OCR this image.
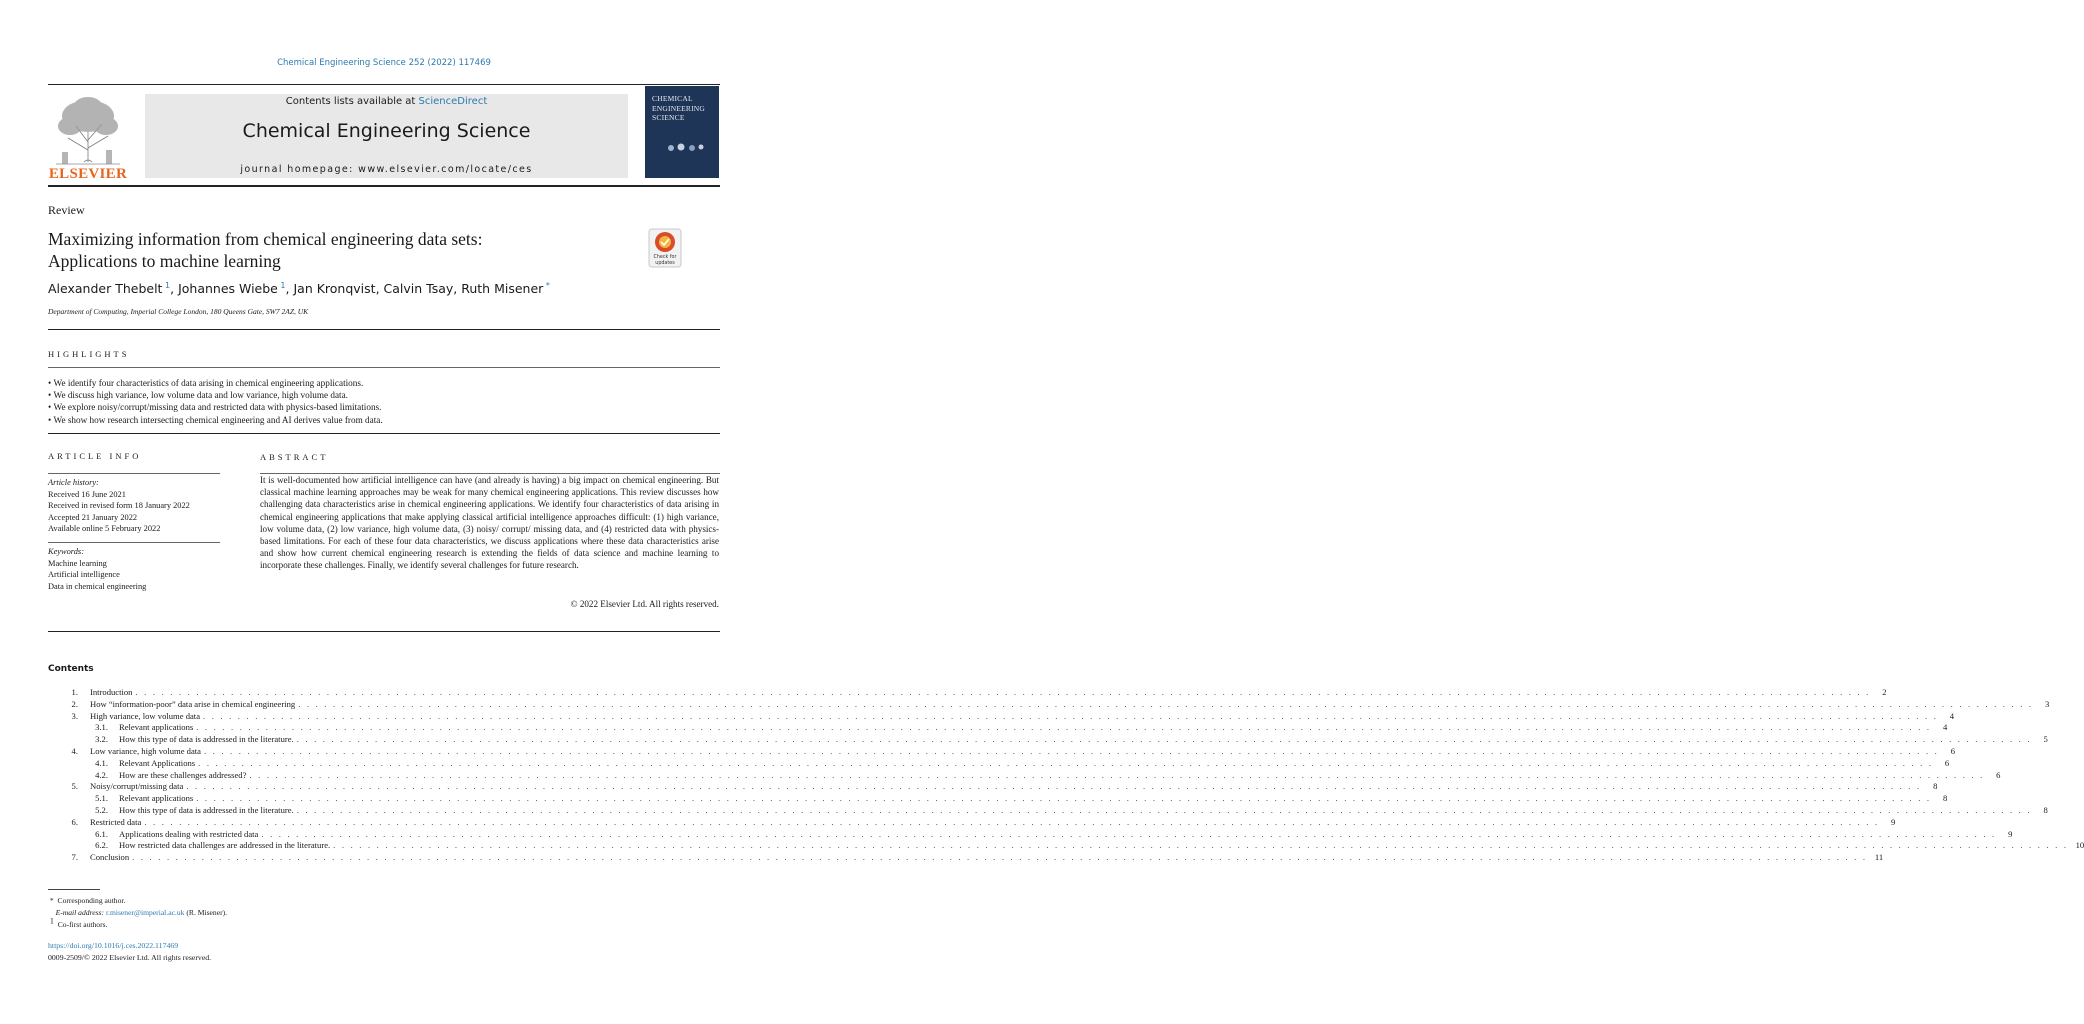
Chemical Engineering Science 252 (2022) 117469
ELSEVIER
Contents lists available at ScienceDirect
Chemical Engineering Science
journal homepage: www.elsevier.com/locate/ces
CHEMICAL
ENGINEERING
SCIENCE
Review
Maximizing information from chemical engineering data sets:
Applications to machine learning	Check for updates
Alexander Thebelt $^1$, Johannes Wiebe $^1$, Jan Kronqvist, Calvin Tsay, Ruth Misener *
Department of Computing, Imperial College London, 180 Queens Gate, SW7 2AZ, UK
HIGHLIGHTS
• We identify four characteristics of data arising in chemical engineering applications.
• We discuss high variance, low volume data and low variance, high volume data.
• We explore noisy/corrupt/missing data and restricted data with physics-based limitations.
• We show how research intersecting chemical engineering and AI derives value from data.
ARTICLE INFO
Article history:
Received 16 June 2021
Received in revised form 18 January 2022
Accepted 21 January 2022
Available online 5 February 2022
Keywords:
Machine learning
Artificial intelligence
Data in chemical engineering
ABSTRACT
It is well-documented how artificial intelligence can have (and already is having) a big impact on chemical engineering. But classical machine learning approaches may be weak for many chemical engineering applications. This review discusses how challenging data characteristics arise in chemical engineering applications. We identify four characteristics of data arising in chemical engineering applications that make applying classical artificial intelligence approaches difficult: (1) high variance, low volume data, (2) low variance, high volume data, (3) noisy/ corrupt/ missing data, and (4) restricted data with physics-based limitations. For each of these four data characteristics, we discuss applications where these data characteristics arise and show how current chemical engineering research is extending the fields of data science and machine learning to incorporate these challenges. Finally, we identify several challenges for future research.
© 2022 Elsevier Ltd. All rights reserved.
Contents
1.	Introduction . . . . . . . . . . . . . . . . . . . . . . . . . . . . . . . . . . . . . . . . . . . . . . . . . . . . . . . . . . . . . . . . . . . . . . . . . . . . . . . . . . . . . . . . . . . . . . . . . . . . . . . . . . . . . . . . . . . . . . . . . . . . . . . . . . . . . . . . . . . . . . . . . . . . . . . . . . . . . . . . . . . . . . . . . . . . . . . . . . . . . . . . . . . . . . . . . . . . . . . .	2
2.	How “information-poor” data arise in chemical engineering . . . . . . . . . . . . . . . . . . . . . . . . . . . . . . . . . . . . . . . . . . . . . . . . . . . . . . . . . . . . . . . . . . . . . . . . . . . . . . . . . . . . . . . . . . . . . . . . . . . . . . . . . . . . . . . . . . . . . . . . . . . . . . . . . . . . . . . . . . . . . . . . . . . . . . . . . . . . . . . . . . . . . . . . . . . . . . . . . . . . . . . . . . . . . . . . . . . . . . . .	3
3.	High variance, low volume data . . . . . . . . . . . . . . . . . . . . . . . . . . . . . . . . . . . . . . . . . . . . . . . . . . . . . . . . . . . . . . . . . . . . . . . . . . . . . . . . . . . . . . . . . . . . . . . . . . . . . . . . . . . . . . . . . . . . . . . . . . . . . . . . . . . . . . . . . . . . . . . . . . . . . . . . . . . . . . . . . . . . . . . . . . . . . . . . . . . . . . . . . . . . . . . . . . . . . . . .	4
3.1.	Relevant applications . . . . . . . . . . . . . . . . . . . . . . . . . . . . . . . . . . . . . . . . . . . . . . . . . . . . . . . . . . . . . . . . . . . . . . . . . . . . . . . . . . . . . . . . . . . . . . . . . . . . . . . . . . . . . . . . . . . . . . . . . . . . . . . . . . . . . . . . . . . . . . . . . . . . . . . . . . . . . . . . . . . . . . . . . . . . . . . . . . . . . . . . . . . . . . . . . . . . . . . .	4
3.2.	How this type of data is addressed in the literature. . . . . . . . . . . . . . . . . . . . . . . . . . . . . . . . . . . . . . . . . . . . . . . . . . . . . . . . . . . . . . . . . . . . . . . . . . . . . . . . . . . . . . . . . . . . . . . . . . . . . . . . . . . . . . . . . . . . . . . . . . . . . . . . . . . . . . . . . . . . . . . . . . . . . . . . . . . . . . . . . . . . . . . . . . . . . . . . . . . . . . . . . . . . . . . . . . . . . . . . .	5
4.	Low variance, high volume data . . . . . . . . . . . . . . . . . . . . . . . . . . . . . . . . . . . . . . . . . . . . . . . . . . . . . . . . . . . . . . . . . . . . . . . . . . . . . . . . . . . . . . . . . . . . . . . . . . . . . . . . . . . . . . . . . . . . . . . . . . . . . . . . . . . . . . . . . . . . . . . . . . . . . . . . . . . . . . . . . . . . . . . . . . . . . . . . . . . . . . . . . . . . . . . . . . . . . . . .	6
4.1.	Relevant Applications . . . . . . . . . . . . . . . . . . . . . . . . . . . . . . . . . . . . . . . . . . . . . . . . . . . . . . . . . . . . . . . . . . . . . . . . . . . . . . . . . . . . . . . . . . . . . . . . . . . . . . . . . . . . . . . . . . . . . . . . . . . . . . . . . . . . . . . . . . . . . . . . . . . . . . . . . . . . . . . . . . . . . . . . . . . . . . . . . . . . . . . . . . . . . . . . . . . . . . . .	6
4.2.	How are these challenges addressed? . . . . . . . . . . . . . . . . . . . . . . . . . . . . . . . . . . . . . . . . . . . . . . . . . . . . . . . . . . . . . . . . . . . . . . . . . . . . . . . . . . . . . . . . . . . . . . . . . . . . . . . . . . . . . . . . . . . . . . . . . . . . . . . . . . . . . . . . . . . . . . . . . . . . . . . . . . . . . . . . . . . . . . . . . . . . . . . . . . . . . . . . . . . . . . . . . . . . . . . .	6
5.	Noisy/corrupt/missing data . . . . . . . . . . . . . . . . . . . . . . . . . . . . . . . . . . . . . . . . . . . . . . . . . . . . . . . . . . . . . . . . . . . . . . . . . . . . . . . . . . . . . . . . . . . . . . . . . . . . . . . . . . . . . . . . . . . . . . . . . . . . . . . . . . . . . . . . . . . . . . . . . . . . . . . . . . . . . . . . . . . . . . . . . . . . . . . . . . . . . . . . . . . . . . . . . . . . . . . .	8
5.1.	Relevant applications . . . . . . . . . . . . . . . . . . . . . . . . . . . . . . . . . . . . . . . . . . . . . . . . . . . . . . . . . . . . . . . . . . . . . . . . . . . . . . . . . . . . . . . . . . . . . . . . . . . . . . . . . . . . . . . . . . . . . . . . . . . . . . . . . . . . . . . . . . . . . . . . . . . . . . . . . . . . . . . . . . . . . . . . . . . . . . . . . . . . . . . . . . . . . . . . . . . . . . . .	8
5.2.	How this type of data is addressed in the literature. . . . . . . . . . . . . . . . . . . . . . . . . . . . . . . . . . . . . . . . . . . . . . . . . . . . . . . . . . . . . . . . . . . . . . . . . . . . . . . . . . . . . . . . . . . . . . . . . . . . . . . . . . . . . . . . . . . . . . . . . . . . . . . . . . . . . . . . . . . . . . . . . . . . . . . . . . . . . . . . . . . . . . . . . . . . . . . . . . . . . . . . . . . . . . . . . . . . . . . . .	8
6.	Restricted data . . . . . . . . . . . . . . . . . . . . . . . . . . . . . . . . . . . . . . . . . . . . . . . . . . . . . . . . . . . . . . . . . . . . . . . . . . . . . . . . . . . . . . . . . . . . . . . . . . . . . . . . . . . . . . . . . . . . . . . . . . . . . . . . . . . . . . . . . . . . . . . . . . . . . . . . . . . . . . . . . . . . . . . . . . . . . . . . . . . . . . . . . . . . . . . . . . . . . . . .	9
6.1.	Applications dealing with restricted data . . . . . . . . . . . . . . . . . . . . . . . . . . . . . . . . . . . . . . . . . . . . . . . . . . . . . . . . . . . . . . . . . . . . . . . . . . . . . . . . . . . . . . . . . . . . . . . . . . . . . . . . . . . . . . . . . . . . . . . . . . . . . . . . . . . . . . . . . . . . . . . . . . . . . . . . . . . . . . . . . . . . . . . . . . . . . . . . . . . . . . . . . . . . . . . . . . . . . . . .	9
6.2.	How restricted data challenges are addressed in the literature. . . . . . . . . . . . . . . . . . . . . . . . . . . . . . . . . . . . . . . . . . . . . . . . . . . . . . . . . . . . . . . . . . . . . . . . . . . . . . . . . . . . . . . . . . . . . . . . . . . . . . . . . . . . . . . . . . . . . . . . . . . . . . . . . . . . . . . . . . . . . . . . . . . . . . . . . . . . . . . . . . . . . . . . . . . . . . . . . . . . . . . . . . . . . . . . . . . . . . . . . 10
7.	Conclusion . . . . . . . . . . . . . . . . . . . . . . . . . . . . . . . . . . . . . . . . . . . . . . . . . . . . . . . . . . . . . . . . . . . . . . . . . . . . . . . . . . . . . . . . . . . . . . . . . . . . . . . . . . . . . . . . . . . . . . . . . . . . . . . . . . . . . . . . . . . . . . . . . . . . . . . . . . . . . . . . . . . . . . . . . . . . . . . . . . . . . . . . . . . . . . . . . . . . . . . . 11
* Corresponding author.
E-mail address: r.misener@imperial.ac.uk (R. Misener).
1 Co-first authors.
https://doi.org/10.1016/j.ces.2022.117469
0009-2509/© 2022 Elsevier Ltd. All rights reserved.
